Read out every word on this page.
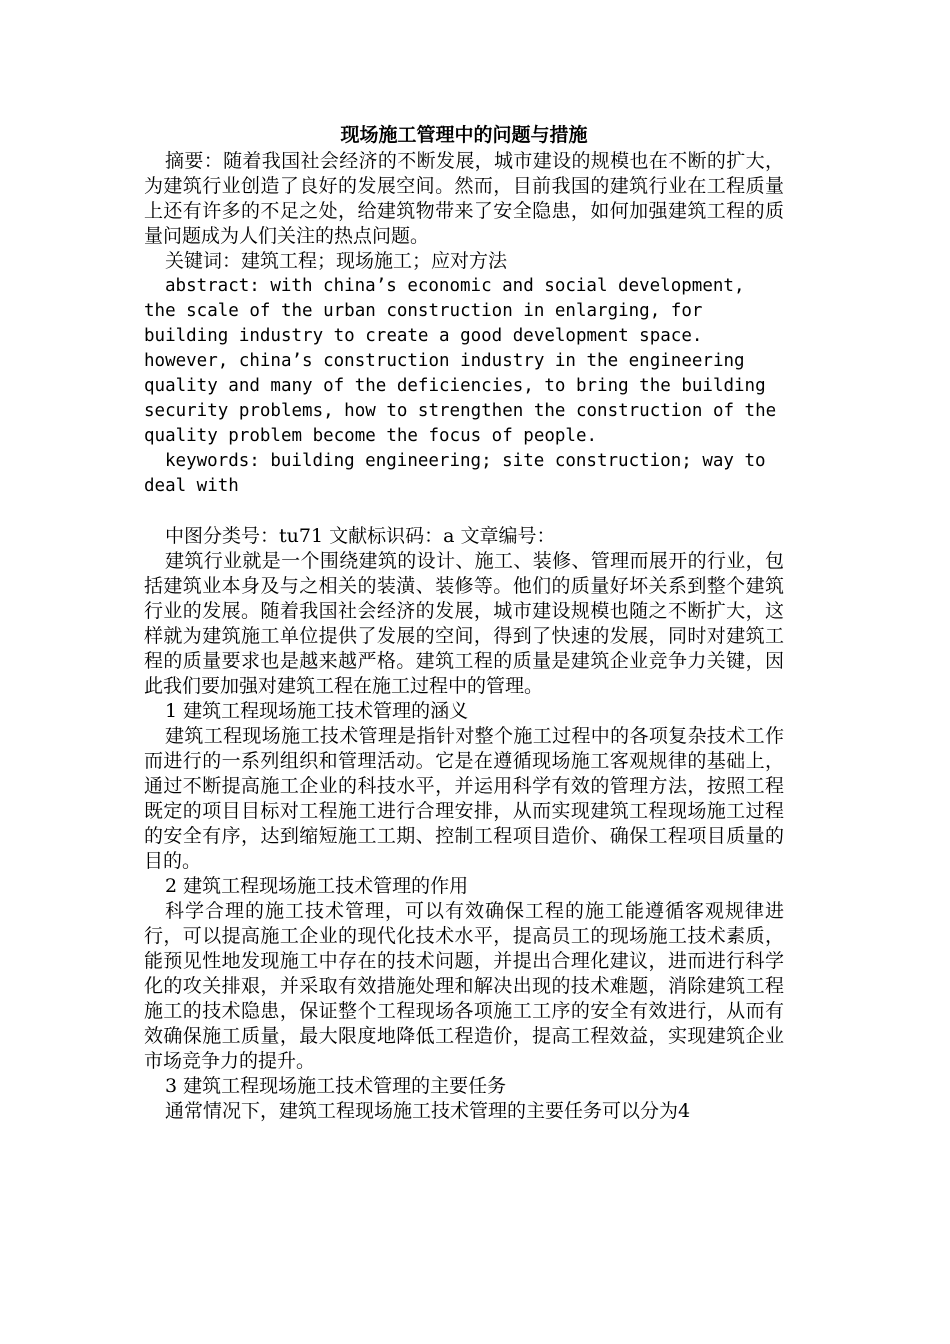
现场施工管理中的问题与措施

摘要：随着我国社会经济的不断发展，城市建设的规模也在不断的扩大，为建筑行业创造了良好的发展空间。然而，目前我国的建筑行业在工程质量上还有许多的不足之处，给建筑物带来了安全隐患，如何加强建筑工程的质量问题成为人们关注的热点问题。

关键词：建筑工程；现场施工；应对方法

abstract: with china’s economic and social development, the scale of the urban construction in enlarging, for building industry to create a good development space. however, china’s construction industry in the engineering quality and many of the deficiencies, to bring the building security problems, how to strengthen the construction of the quality problem become the focus of people.

keywords: building engineering; site construction; way to deal with

中图分类号：tu71 文献标识码：a 文章编号：

建筑行业就是一个围绕建筑的设计、施工、装修、管理而展开的行业，包括建筑业本身及与之相关的装潢、装修等。他们的质量好坏关系到整个建筑行业的发展。随着我国社会经济的发展，城市建设规模也随之不断扩大，这样就为建筑施工单位提供了发展的空间，得到了快速的发展，同时对建筑工程的质量要求也是越来越严格。建筑工程的质量是建筑企业竞争力关键，因此我们要加强对建筑工程在施工过程中的管理。

1 建筑工程现场施工技术管理的涵义

建筑工程现场施工技术管理是指针对整个施工过程中的各项复杂技术工作而进行的一系列组织和管理活动。它是在遵循现场施工客观规律的基础上，通过不断提高施工企业的科技水平，并运用科学有效的管理方法，按照工程既定的项目目标对工程施工进行合理安排，从而实现建筑工程现场施工过程的安全有序，达到缩短施工工期、控制工程项目造价、确保工程项目质量的目的。

2 建筑工程现场施工技术管理的作用

科学合理的施工技术管理，可以有效确保工程的施工能遵循客观规律进行，可以提高施工企业的现代化技术水平，提高员工的现场施工技术素质，能预见性地发现施工中存在的技术问题，并提出合理化建议，进而进行科学化的攻关排艰，并采取有效措施处理和解决出现的技术难题，消除建筑工程施工的技术隐患，保证整个工程现场各项施工工序的安全有效进行，从而有效确保施工质量，最大限度地降低工程造价，提高工程效益，实现建筑企业市场竞争力的提升。

3 建筑工程现场施工技术管理的主要任务

通常情况下，建筑工程现场施工技术管理的主要任务可以分为4
